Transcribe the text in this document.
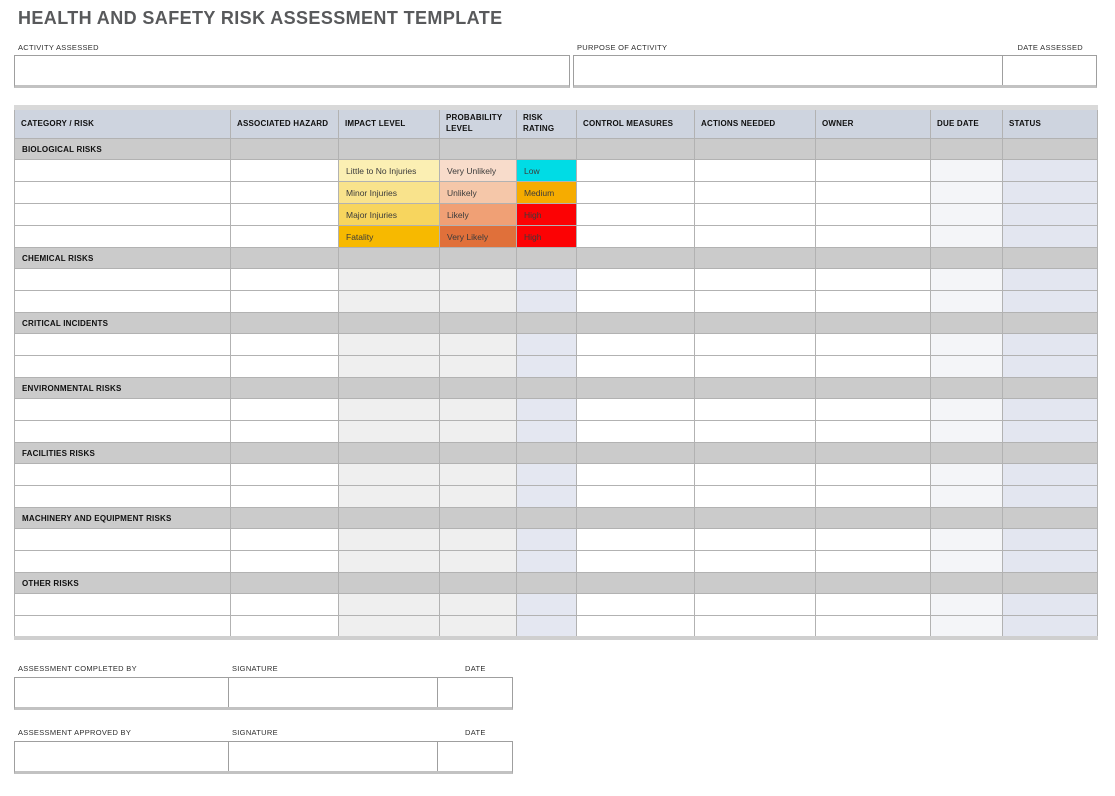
HEALTH AND SAFETY RISK ASSESSMENT TEMPLATE
ACTIVITY ASSESSED	PURPOSE OF ACTIVITY	DATE ASSESSED
CATEGORY / RISK	ASSOCIATED HAZARD	IMPACT LEVEL	PROBABILITY LEVEL	RISK RATING	CONTROL MEASURES	ACTIONS NEEDED	OWNER	DUE DATE	STATUS
BIOLOGICAL RISKS									
		Little to No Injuries	Very Unlikely	Low					
		Minor Injuries	Unlikely	Medium					
		Major Injuries	Likely	High					
		Fatality	Very Likely	High					
CHEMICAL RISKS									

CRITICAL INCIDENTS									

ENVIRONMENTAL RISKS									

FACILITIES RISKS									

MACHINERY AND EQUIPMENT RISKS									

OTHER RISKS									

ASSESSMENT COMPLETED BY	SIGNATURE	DATE
ASSESSMENT APPROVED BY	SIGNATURE	DATE
